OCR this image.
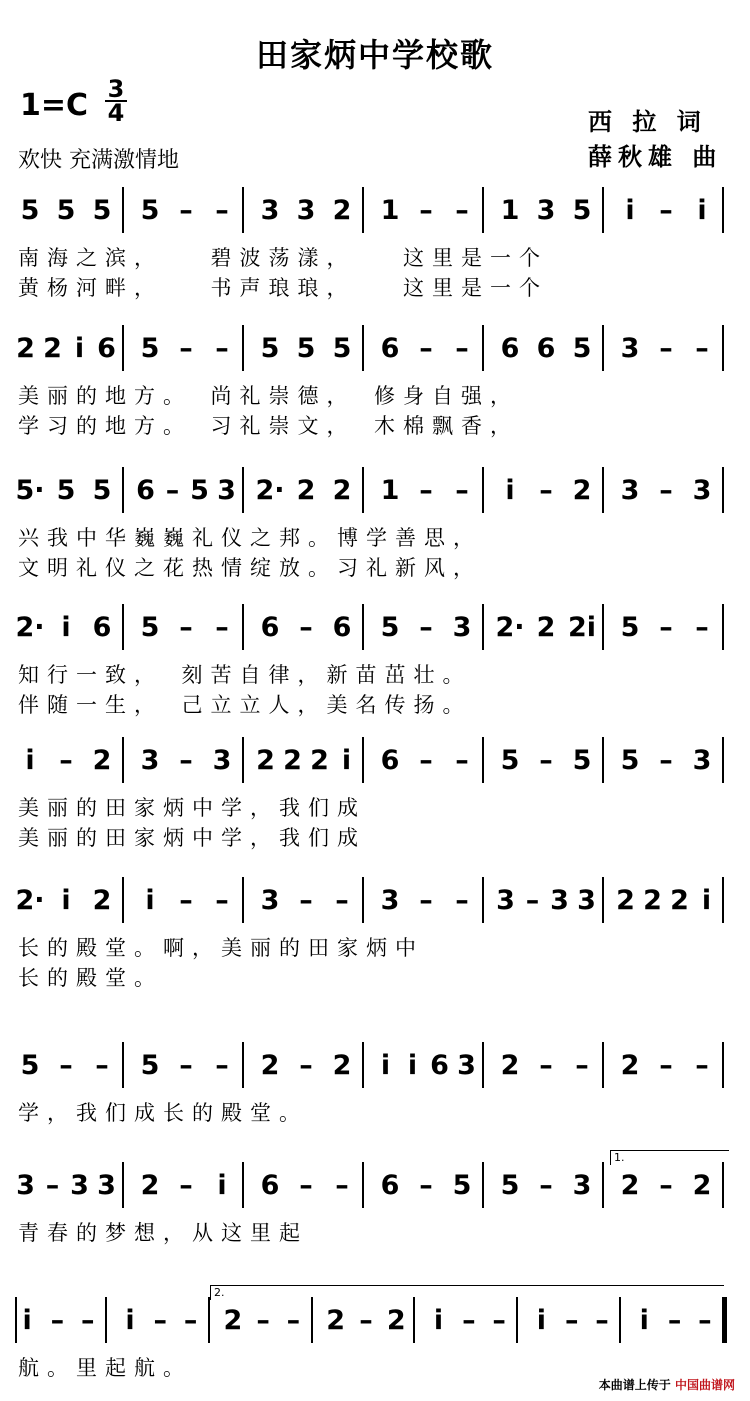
田家炳中学校歌
$1=C \frac{3}{4}$
欢快 充满激情地
西 拉 词
薛秋雄 曲
5 5 5	5 – –	3 3 2	1 – –	1 3 5	i – i
南海之滨，　　碧波荡漾，　　这里是一个
黄杨河畔，　　书声琅琅，　　这里是一个
2 2 i 6 5 – –	5 5 5	6 – –	6 6 5	3 – –
美丽的地方。　尚礼崇德，　修身自强，
学习的地方。　习礼崇文，　木棉飘香，
5· 5 5 6 – 5 3 2· 2 2	1 – –	i – 2	3 – 3
兴我中华巍巍礼仪之邦。博学善思，
文明礼仪之花热情绽放。习礼新风，
2· i 6	5 – –	6 – 6	5 – 3 2· 2 2i 5 – –
知行一致，　刻苦自律，新苗茁壮。
伴随一生，　己立立人，美名传扬。
i – 2	3 – 3 2 2 2 i	6 – –	5 – 5	5 – 3
美丽的田家炳中学，我们成
美丽的田家炳中学，我们成
2· i 2	i – –	3 – –	3 – –	3 – 3 3 2 2 2 i
长的殿堂。啊，美丽的田家炳中
长的殿堂。
5 – –	5 – –	2 – 2	i i 6 3 2 – –	2 – –
学，我们成长的殿堂。
3 – 3 3 2 – i	6 – –	6 – 5	5 – 3	2 – 2
青春的梦想，从这里起
i – –	i – – 2 – – 2 – 2	i – –	i – –	i – –
航。里起航。
1.
2.
本曲谱上传于 中国曲谱网
